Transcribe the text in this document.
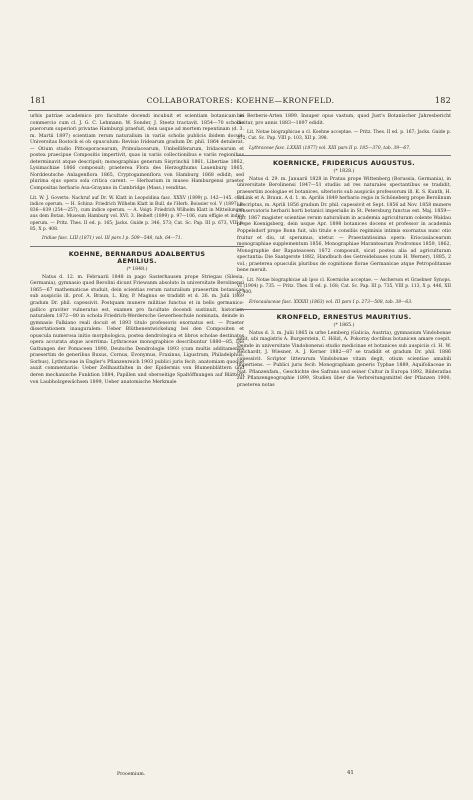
181	COLLABORATORES: KOEHNE—KRONFELD.	182

urbis patriae academico pro facultate docendi incubuit et scientiam botanicam in commercio cum cl. J. G. C. Lehmann. W. Sonder, J. Steetz tractavit. 1854—70 scholae puerorum superiori privatae Hamburgi praefuit, dein usque ad mortem repentinam (d. 3. m. Martii 1897) scientiam rerum naturalium in variis scholis publicis ibidem docuit. Universitas Rostock ei ob opusculum: Revisio Iridearum gradum Dr. phil. 1864 detulerat. — Otium studio Pittosporacearum, Primulacearum, Umbelliferarum, Iridacearum et postea praecipue Compositis impertivit, quas in variis collectionibus e variis regionibus determinavit atque descripsit; monographias generum Sisyrinchii 1861, Libertiae 1862, Lysimachiae 1866 composuit; praeterea Flora des Herzogthums Lauenburg 1865, Norddeutsche Anlagenflora 1865, Cryptogamenflora von Hamburg 1868 edidit; sed plurima ejus opera sola critica carent. — Herbarium in museo Hamburgensi praeter Compositas herbario Asa-Grayano in Cambridge (Mass.) venditas.

Lit. W. J. Goverts: Nachruf auf Dr. W. Klatt in Leopoldina fasc. XXXV (1899) p. 142—145. cum indice operum. — H. Schinz: Friedrich Wilhelm Klatt in Bull. de l'Herb. Boissier vol. V (1897) p. 836—839 (254—257), cum indice operum. — A. Voigt: Friedrich Wilhelm Klatt in Mitteilungen aus dem Botan. Museum Hamburg vol. XVI. 3. Beiheft (1899) p. 97—106, cum effigie et indice operum. — Pritz. Thes. II ed. p. 165; Jacks. Guide p. 346, 573; Cat. Sc. Pap. III p. 673, VIII p. 85, X p. 408.

Iridiae fasc. LIII (1871) vol. III pars I p. 509—548, tab. 64—71.

KOEHNE, BERNARDUS ADALBERTUS
AEMILIUS.
(* 1848.)

Natus d. 12. m. Februarii 1848 in pago Sasterhausen prope Striegau (Silesia, Germania), gymnasio quod Berolini dicunt Friewanm absoluto in universitate Berolinensi 1865—67 mathematicae studuit, dein scientias rerum naturalium praesertim botanicae sub auspiciis ill. prof. A. Braun, L. Kny, P. Magnus se tradidit et d. 26. m. Julii 1869 gradum Dr. phil. capessivit. Postquam munere militiae functus et in bello germanico-gallico graviter vulneratus est, examen pro facultate docendi sustinuit, historiam naturalem 1872—80 in schola Friedrich-Werdersche Gewerbeschule nominata, deinde in gymnasio Falkiano reali docuit et 1893 titulo professoris exornatus est. — Praeter dissertationem inauguralem: Ueber Blüthenentwickelung bei den Compositen et opuscula numerosa initio morphologica, postea dendrologica et libros scholae destinatos opera accurata atque acerrima: Lythraceae monographice describuntur 1880—85, Die Gattungen der Pomaceen 1890, Deutsche Dendrologie 1893 (cum multis additamentis praesertim de generibus Buxus, Cornus, Evonymus, Fraxinus, Ligustrum, Philadelphus, Sorbus), Lythraceae in Engler's Pflanzenreich 1903 publici juris fecit; anatomiam quoque auxit commentariis: Ueber Zellhautfalten in der Epidermis von Blumenblättern und deren mechanische Funktion 1884, Papillen und oberseitige Spaltöffnungen auf Blättern von Laubholzgewächsen 1899, Ueber anatomische Merkmale

bei Berberis-Arten 1899. Insuper opus vastum, quod Just's Botanischer Jahresbericht dicitur, pro annis 1883—1897 edidit.

Lit. Notae biographicae a cl. Koehne acceptae. — Pritz. Thes. II ed. p. 167; Jacks. Guide p. 372; Cat. Sc. Pap. VIII p. 103, XII p. 398.

Lythraceae fasc. LXXIII (1877) vol. XIII pars II p. 185—370, tab. 39—67.

KOERNICKE, FRIDERICUS AUGUSTUS.
(* 1828.)

Natus d. 29. m. Januarii 1828 in Pratau prope Wittenberg (Borussia, Germania), in universitate Berolinensi 1847—51 studiis ad res naturales spectantibus se tradidit, praesertim zoologiae et botanices, ulterioris sub auspiciis professorum ill. K. S. Kunth, H. F. Link et A. Braun. A d. 1. m. Aprilis 1849 herbario regio in Schöneberg prope Berolinum adscriptus, m. Aprili 1856 gradum Dr. phil. capessivit et Sept. 1856 ad Nov. 1858 munere conservatoris herbarii horti botanici imperialis in St. Petersburg functus est. Maj. 1859—Apr. 1867 magister scientiae rerum naturalium in academia agriculturam colente Waldau prope Koenigsberg, dein usque Apr. 1898 botanices docens et professor in academia Poppelsdorf prope Bonn fuit, ubi titulo e consiliis regiminis intimis exornatus nunc otio fruitur et diu, ut speramus, utetur. — Praestantissima opera: Eriocaulacearum monographiae supplementum 1856, Monographiae Marantearum Prodromus 1859, 1862, Monographie der Rapateaceen 1872 composuit, sicut postea alia ad agriculturam spectantia: Die Saatgerste 1882, Handbuch des Getreidebaues (cum H. Werner), 1885, 2 vol.; praeterea opusculis pluribus de cognitione florae Germanicae atque Petropolitanae bene meruit.

Lit. Notae biographicae ab ipso cl. Koernicke acceptae. — Ascherson et Graebner Synops. VI (1904) p. 735. — Pritz. Thes. II ed. p. 168; Cat. Sc. Pap. III p. 735, VIII p. 113, X p. 446, XII p. 400.

Eriocaulaceae fasc. XXXIII (1863) vol. III pars I p. 273—508, tab. 38—63.

KRONFELD, ERNESTUS MAURITIUS.
(* 1865.)

Natus d. 3. m. Julii 1865 in urbe Lemberg (Galicia, Austria), gymnasium Vindobonae adiit, ubi magistris A. Burgerstein, C. Hölzl, A. Pokorny doctibus botanicen amare coepit. Deinde in universitate Vindobonensi studio medicinae et botanices sub auspiciis cl. H. W. Reichardt, J. Wiesner, A. J. Kerner 1882—87 se tradidit et gradum Dr. phil. 1886 capessivit. Scriptor litterarum Vindobonae vitam degit, otium scientiae amabili impertiens. — Publici juris fecit: Monographiam generis Typhae 1889, Aquifoliaceae in Nat. Pflanzenfam., Geschichte des Safrans und seiner Cultur in Europa 1892, Bilderatlas zur Pflanzengeographie 1899, Studien über die Verbreitungsmittel der Pflanzen 1900, praeterea notas

Prooemium.	41
